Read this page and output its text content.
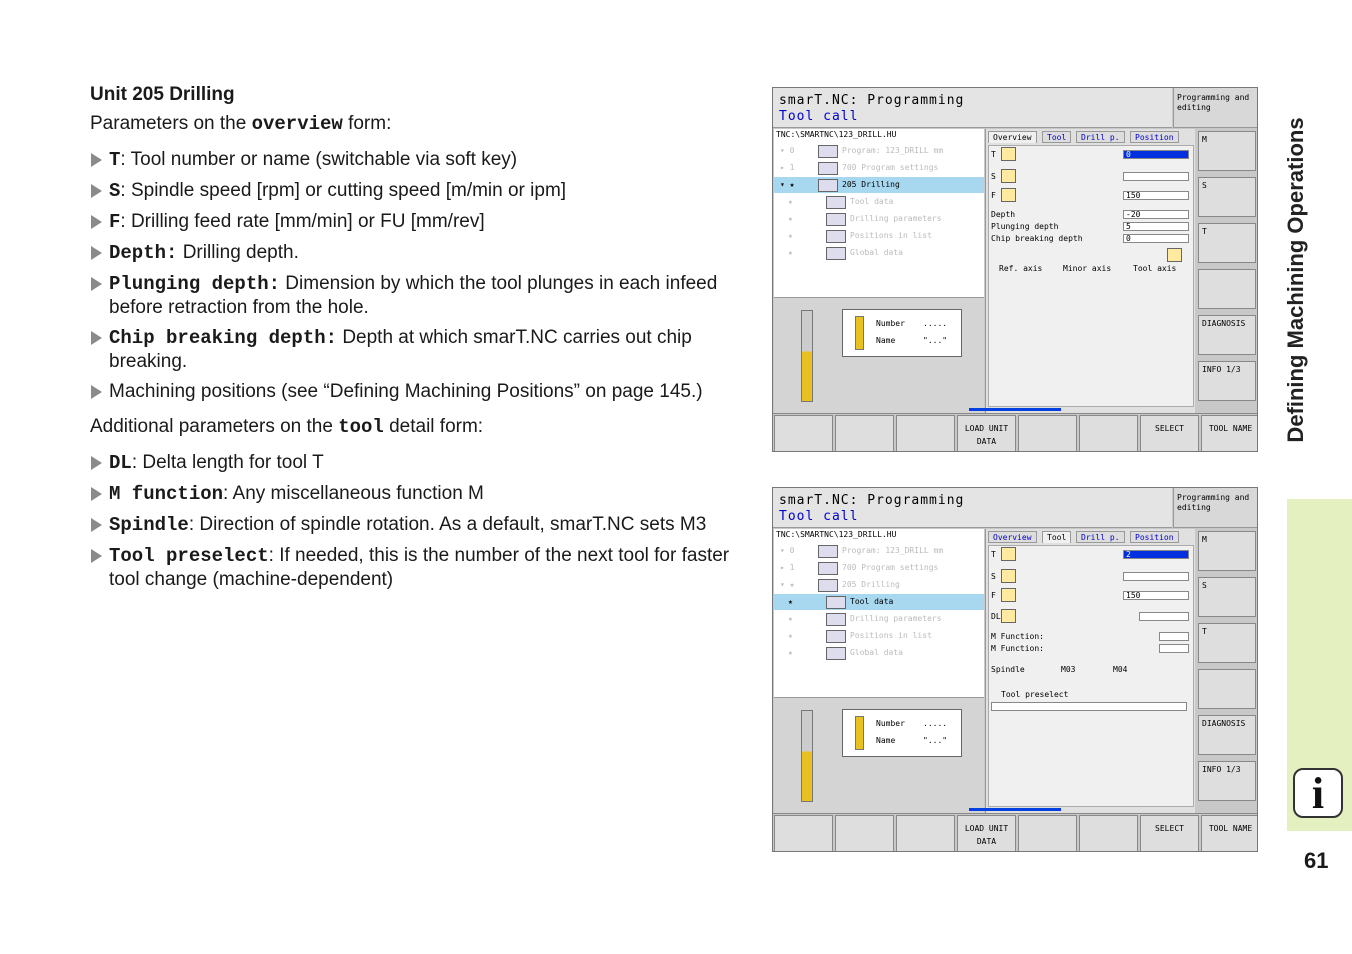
Unit 205 Drilling

Parameters on the overview form:

T: Tool number or name (switchable via soft key)
S: Spindle speed [rpm] or cutting speed [m/min or ipm]
F: Drilling feed rate [mm/min] or FU [mm/rev]
Depth: Drilling depth.
Plunging depth: Dimension by which the tool plunges in each infeed before retraction from the hole.
Chip breaking depth: Depth at which smarT.NC carries out chip breaking.
Machining positions (see “Defining Machining Positions” on page 145.)

Additional parameters on the tool detail form:

DL: Delta length for tool T
M function: Any miscellaneous function M
Spindle: Direction of spindle rotation. As a default, smarT.NC sets M3
Tool preselect: If needed, this is the number of the next tool for faster tool change (machine-dependent)
Defining Machining Operations
i
61
smarT.NC: Programming
Tool call
Programming and editing
TNC:\SMARTNC\123_DRILL.HU
▾ 0	Program: 123_DRILL mm
▸ 1	700 Program settings
▾ ★	205 Drilling
★	Tool data
★	Drilling parameters
★	Positions in list
★	Global data
Number .....
Name	"..."
Overview	Tool	Drill p.	Position
T	0
S
F	150
Depth	-20
Plunging depth	5
Chip breaking depth	0
Ref. axis	Minor axis	Tool axis
M
S
T
DIAGNOSIS
INFO 1/3
LOAD UNIT DATA
SELECT	TOOL NAME
smarT.NC: Programming
Tool call
Programming and editing
TNC:\SMARTNC\123_DRILL.HU
▾ 0	Program: 123_DRILL mm
▸ 1	700 Program settings
▾ ★	205 Drilling
★	Tool data
★	Drilling parameters
★	Positions in list
★	Global data
Number .....
Name	"..."
Overview	Tool	Drill p.	Position
T	2
S
F	150
DL
M Function:
M Function:
Spindle	M03	M04
Tool preselect
M
S
T
DIAGNOSIS
INFO 1/3
LOAD UNIT DATA
SELECT	TOOL NAME
